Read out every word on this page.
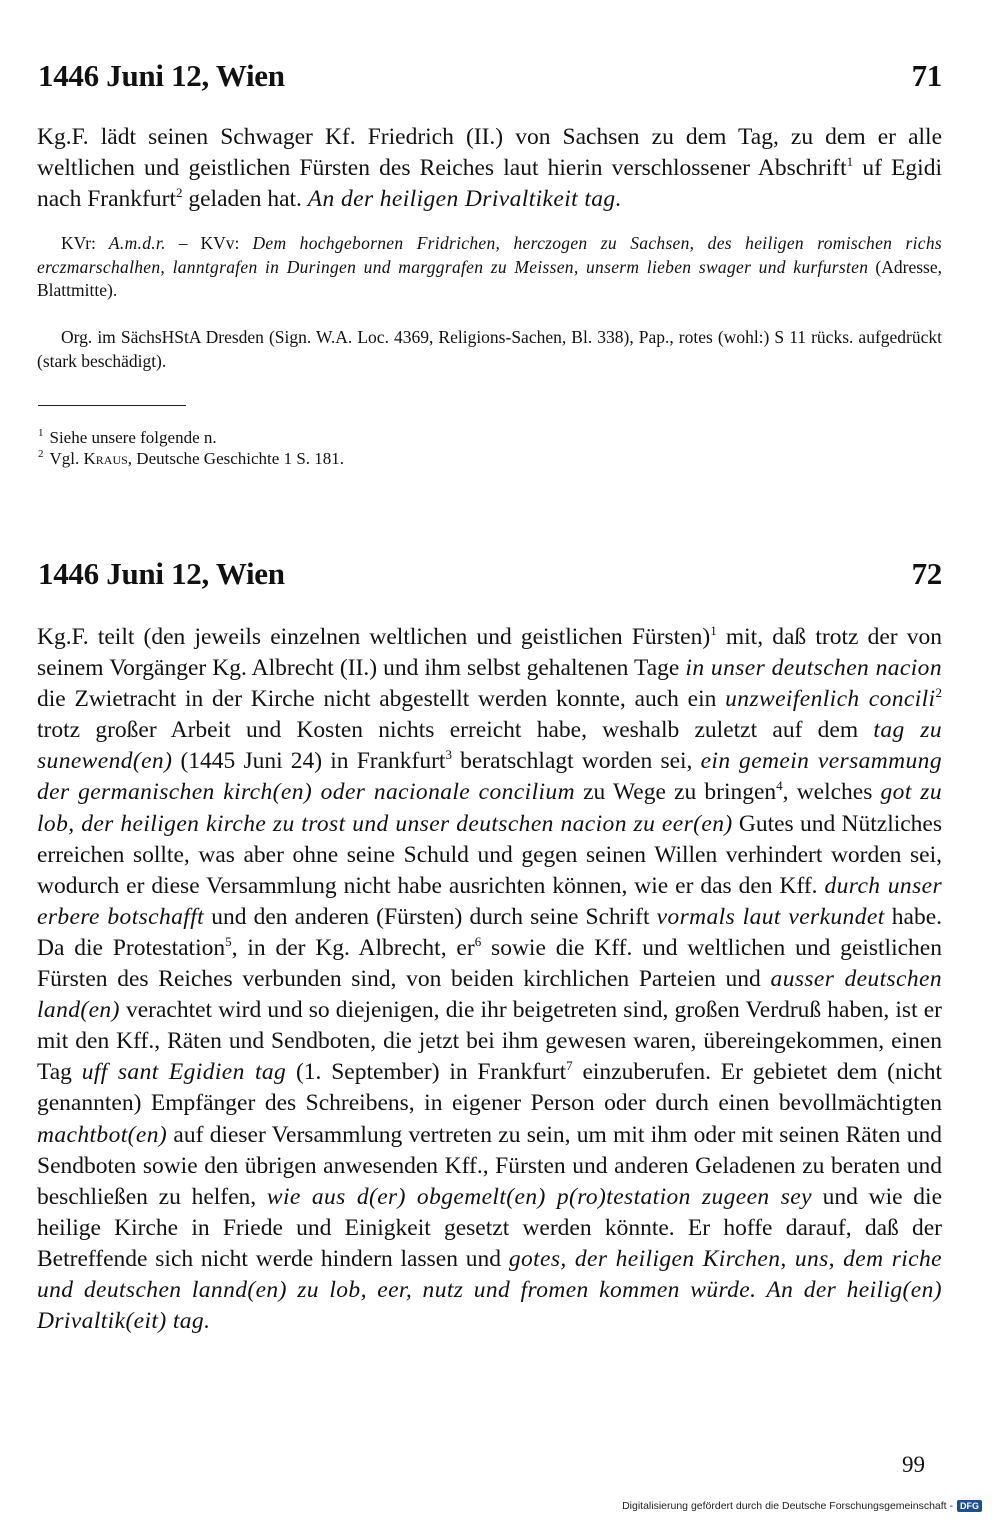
1446 Juni 12, Wien	71
Kg.F. lädt seinen Schwager Kf. Friedrich (II.) von Sachsen zu dem Tag, zu dem er alle weltlichen und geistlichen Fürsten des Reiches laut hierin verschlossener Abschrift$^1$ uf Egidi nach Frankfurt$^2$ geladen hat. An der heiligen Drivaltikeit tag.
KVr: A.m.d.r. – KVv: Dem hochgebornen Fridrichen, herczogen zu Sachsen, des heiligen romischen richs erczmarschalhen, lanntgrafen in Duringen und marggrafen zu Meissen, unserm lieben swager und kurfursten (Adresse, Blattmitte).
Org. im SächsHStA Dresden (Sign. W.A. Loc. 4369, Religions-Sachen, Bl. 338), Pap., rotes (wohl:) S 11 rücks. aufgedrückt (stark beschädigt).
$^1$ Siehe unsere folgende n.
$^2$ Vgl. Kraus, Deutsche Geschichte 1 S. 181.
1446 Juni 12, Wien	72
Kg.F. teilt (den jeweils einzelnen weltlichen und geistlichen Fürsten)$^1$ mit, daß trotz der von seinem Vorgänger Kg. Albrecht (II.) und ihm selbst gehaltenen Tage in unser deutschen nacion die Zwietracht in der Kirche nicht abgestellt werden konnte, auch ein unzweifenlich concili$^2$ trotz großer Arbeit und Kosten nichts erreicht habe, weshalb zuletzt auf dem tag zu sunewend(en) (1445 Juni 24) in Frankfurt$^3$ beratschlagt worden sei, ein gemein versammung der germanischen kirch(en) oder nacionale concilium zu Wege zu bringen$^4$, welches got zu lob, der heiligen kirche zu trost und unser deutschen nacion zu eer(en) Gutes und Nützliches erreichen sollte, was aber ohne seine Schuld und gegen seinen Willen verhindert worden sei, wodurch er diese Versammlung nicht habe ausrichten können, wie er das den Kff. durch unser erbere botschafft und den anderen (Fürsten) durch seine Schrift vormals laut verkundet habe. Da die Protestation$^5$, in der Kg. Albrecht, $er^6$ sowie die Kff. und weltlichen und geistlichen Fürsten des Reiches verbunden sind, von beiden kirchlichen Parteien und ausser deutschen land(en) verachtet wird und so diejenigen, die ihr beigetreten sind, großen Verdruß haben, ist er mit den Kff., Räten und Sendboten, die jetzt bei ihm gewesen waren, übereingekommen, einen Tag uff sant Egidien tag (1. September) in Frankfurt$^7$ einzuberufen. Er gebietet dem (nicht genannten) Empfänger des Schreibens, in eigener Person oder durch einen bevollmächtigten machtbot(en) auf dieser Versammlung vertreten zu sein, um mit ihm oder mit seinen Räten und Sendboten sowie den übrigen anwesenden Kff., Fürsten und anderen Geladenen zu beraten und beschließen zu helfen, wie aus d(er) obgemelt(en) p(ro)testation zugeen sey und wie die heilige Kirche in Friede und Einigkeit gesetzt werden könnte. Er hoffe darauf, daß der Betreffende sich nicht werde hindern lassen und gotes, der heiligen Kirchen, uns, dem riche und deutschen lannd(en) zu lob, eer, nutz und fromen kommen würde. An der heilig(en) Drivaltik(eit) tag.
99
Digitalisierung gefördert durch die Deutsche Forschungsgemeinschaft - DFG
